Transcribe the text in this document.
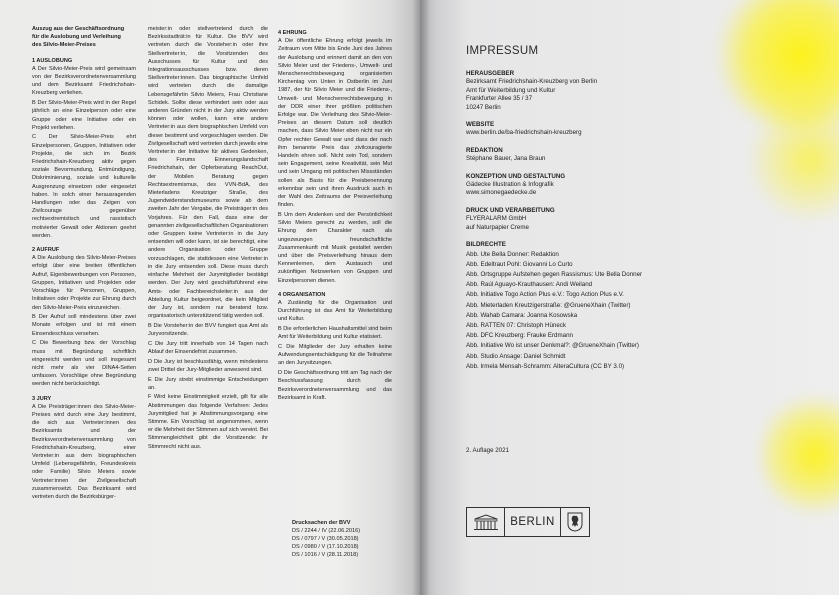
Auszug aus der Geschäftsordnung
für die Auslobung und Verleihung
des Silvio-Meier-Preises
1 AUSLOBUNG

A Der Silvio-Meier-Preis wird gemeinsam von der Bezirksverordnetenversammlung und dem Bezirksamt Friedrichshain-Kreuzberg verliehen.

B Der Silvio-Meier-Preis wird in der Regel jährlich an eine Einzelperson oder eine Gruppe oder eine Initiative oder ein Projekt verliehen.

C Der Silvio-Meier-Preis ehrt Einzelpersonen, Gruppen, Initiativen oder Projekte, die sich im Bezirk Friedrichshain-Kreuzberg aktiv gegen soziale Bevormundung, Entmündigung, Diskriminierung, soziale und kulturelle Ausgrenzung einsetzen oder eingesetzt haben. In solch einer herausragenden Handlungen oder das Zeigen von Zivilcourage gegenüber rechtsextremistisch und rassistisch motivierter Gewalt oder Aktionen geehrt werden.

2 AUFRUF

A Die Auslobung des Silvio-Meier-Preises erfolgt über eine breiten öffentlichen Aufruf, Eigenbewerbungen von Personen, Gruppen, Initiativen und Projekten oder Vorschläge für Personen, Gruppen, Initiativen oder Projekte zur Ehrung durch den Silvio-Meier-Preis einzureichen.

B Der Aufruf soll mindestens über zwei Monate erfolgen und ist mit einem Einsendeschluss versehen.

C Die Bewerbung bzw. der Vorschlag muss mit Begründung schriftlich eingereicht werden und soll insgesamt nicht mehr als vier DINA4-Seiten umfassen. Vorschläge ohne Begründung werden nicht berücksichtigt.

3 JURY

A Die Preisträger:innen des Silvio-Meier-Preises wird durch eine Jury bestimmt, die sich aus Vertreter:innen des Bezirksamts und der Bezirksverordnetenversammlung von Friedrichshain-Kreuzberg, einer Vertreter:in aus dem biographischen Umfeld (Lebensgefährtin, Freundeskreis oder Familie) Silvio Meiers sowie Vertreter:innen der Zivilgesellschaft zusammensetzt. Das Bezirksamt wird vertreten durch die Bezirksbürger-

meister:in oder stellvertretend durch die Bezirksstadträt:in für Kultur. Die BVV wird vertreten durch die Vorsteher:in oder ihre Stellvertreter:in, die Vorsitzenden des Ausschusses für Kultur und des Integrationsausschusses bzw. deren Stellvertreter:innen. Das biographische Umfeld wird vertreten durch die damalige Lebensgefährtin Silvio Meiers, Frau Christiane Schidek. Sollte diese verhindert sein oder aus anderen Gründen nicht in der Jury aktiv werden können oder wollen, kann eine andere Vertreter:in aus dem biographischen Umfeld von dieser bestimmt und vorgeschlagen werden. Die Zivilgesellschaft wird vertreten durch jeweils eine Vertreter:in der Initiative für aktives Gedenken, des Forums Einnerungslandschaft Friedrichshain, der Opferberatung ReachOut, der Mobilen Beratung gegen Rechtsextremismus, des VVN-BdA, des Mieterladens Kreutziger Straße, des Jugendwiderstandsmuseums sowie ab dem zweiten Jahr der Vergabe, die Preisträger:in des Vorjahres. Für den Fall, dass eine der genannten zivilgesellschaftlichen Organisationen oder Gruppen keine Vertreter:in in die Jury entsenden will oder kann, ist sie berechtigt, eine andere Organisation oder Gruppe vorzuschlagen, die stattdessen eine Vertreter:in in die Jury entsenden soll. Diese muss durch einfache Mehrheit der Jurymitglieder bestätigt werden. Der Jury wird geschäftsführend eine Amts- oder Fachbereichsleiter:in aus der Abteilung Kultur beigeordnet, die kein Mitglied der Jury ist, sondern nur beratend bzw. organisatorisch unterstützend tätig werden soll.

B Die Vorsteher:in der BVV fungiert qua Amt als Juryvorsitzende.

C Die Jury tritt innerhalb von 14 Tagen nach Ablauf der Einsendefrist zusammen.

D Die Jury ist beschlussfähig, wenn mindestens zwei Drittel der Jury-Mitglieder anwesend sind.

E Die Jury strebt einstimmige Entscheidungen an.

F Wird keine Einstimmigkeit erzielt, gilt für alle Abstimmungen das folgende Verfahren: Jedes Jurymitglied hat je Abstimmungsvorgang eine Stimme. Ein Vorschlag ist angenommen, wenn er die Mehrheit der Stimmen auf sich vereint. Bei Stimmengleichheit gibt die Vorsitzende: ihr Stimmrecht nicht aus.

4 EHRUNG

A Die öffentliche Ehrung erfolgt jeweils im Zeitraum vom Mitte bis Ende Juni des Jahres der Auslobung und erinnert damit an den von Silvio Meier und der Friedens-, Umwelt- und Menschenrechtsbewegung organisierten Kirchentag von Unten in Ostberlin im Juni 1987, der für Silvio Meier und die Friedens-, Umwelt- und Menschenrechtsbewegung in der DDR einer ihrer größten politischen Erfolge war. Die Verleihung des Silvio-Meier-Preises an diesem Datum soll deutlich machen, dass Silvio Meier eben nicht nur ein Opfer rechter Gewalt war und dass der nach ihm benannte Preis das zivilcouragierte Handeln ehren soll. Nicht sein Tod, sondern sein Engagement, seine Kreativität, sein Mut und sein Umgang mit politischen Missständen sollen als Basis für die Preisbenennung erkennbar sein und ihren Ausdruck auch in der Wahl des Zeitraums der Preisverleihung finden.

B Um dem Andenken und der Persönlichkeit Silvio Meiers gerecht zu werden, soll die Ehrung dem Charakter nach als ungezwungen freundschaftliche Zusammenkunft mit Musik gestaltet werden und über die Preisverleihung hinaus dem Kennenlernen, dem Austausch und zukünftigen Netzwerken von Gruppen und Einzelpersonen dienen.

4 ORGANISATION

A Zuständig für die Organisation und Durchführung ist das Amt für Weiterbildung und Kultur.

B Die erforderlichen Haushaltsmittel sind beim Amt für Weiterbildung und Kultur etatisiert.

C Die Mitglieder der Jury erhalten keine Aufwendungsentschädigung für die Teilnahme an den Jurysitzungen.

D Die Geschäftsordnung tritt am Tag nach der Beschlussfassung durch die Bezirksverordnetenversammlung und das Bezirksamt in Kraft.

Drucksachen der BVV
DS / 2244 / IV (22.06.2016)
DS / 0797 / V (30.05.2018)
DS / 0980 / V (17.10.2018)
DS / 1016 / V (28.11.2018)
IMPRESSUM
HERAUSGEBER
Bezirksamt Friedrichshain-Kreuzberg von Berlin
Amt für Weiterbildung und Kultur
Frankfurter Allee 35 / 37
10247 Berlin
WEBSITE
www.berlin.de/ba-friedrichshain-kreuzberg
REDAKTION
Stéphane Bauer, Jana Braun
KONZEPTION UND GESTALTUNG
Gädecke Illustration & Infografik
www.simonegaedecke.de
DRUCK UND VERARBEITUNG
FLYERALARM GmbH
auf Naturpapier Creme
BILDRECHTE
Abb. Ute Bella Donner: Redaktion
Abb. Edeltraut Pohl: Giovanni Lo Curto
Abb. Ortsgruppe Aufstehen gegen Rassismus: Ute Bella Donner
Abb. Raúl Aguayo-Krauthausen: Andi Weiland
Abb. Initiative Togo Action Plus e.V.: Togo Action Plus e.V.
Abb. Mieterladen Kreutzigerstraße: @GrueneXhain (Twitter)
Abb. Wahab Camara: Joanna Kosowska
Abb. RATTEN 07: Christoph Hüneck
Abb. DFC Kreuzberg: Frauke Erdmann
Abb. Initiative Wo ist unser Denkmal?: @GrueneXhain (Twitter)
Abb. Studio Ansage: Daniel Schmidt
Abb. Irmela Mensah-Schramm: AlteraCultura (CC BY 3.0)
2. Auflage 2021
BERLIN
